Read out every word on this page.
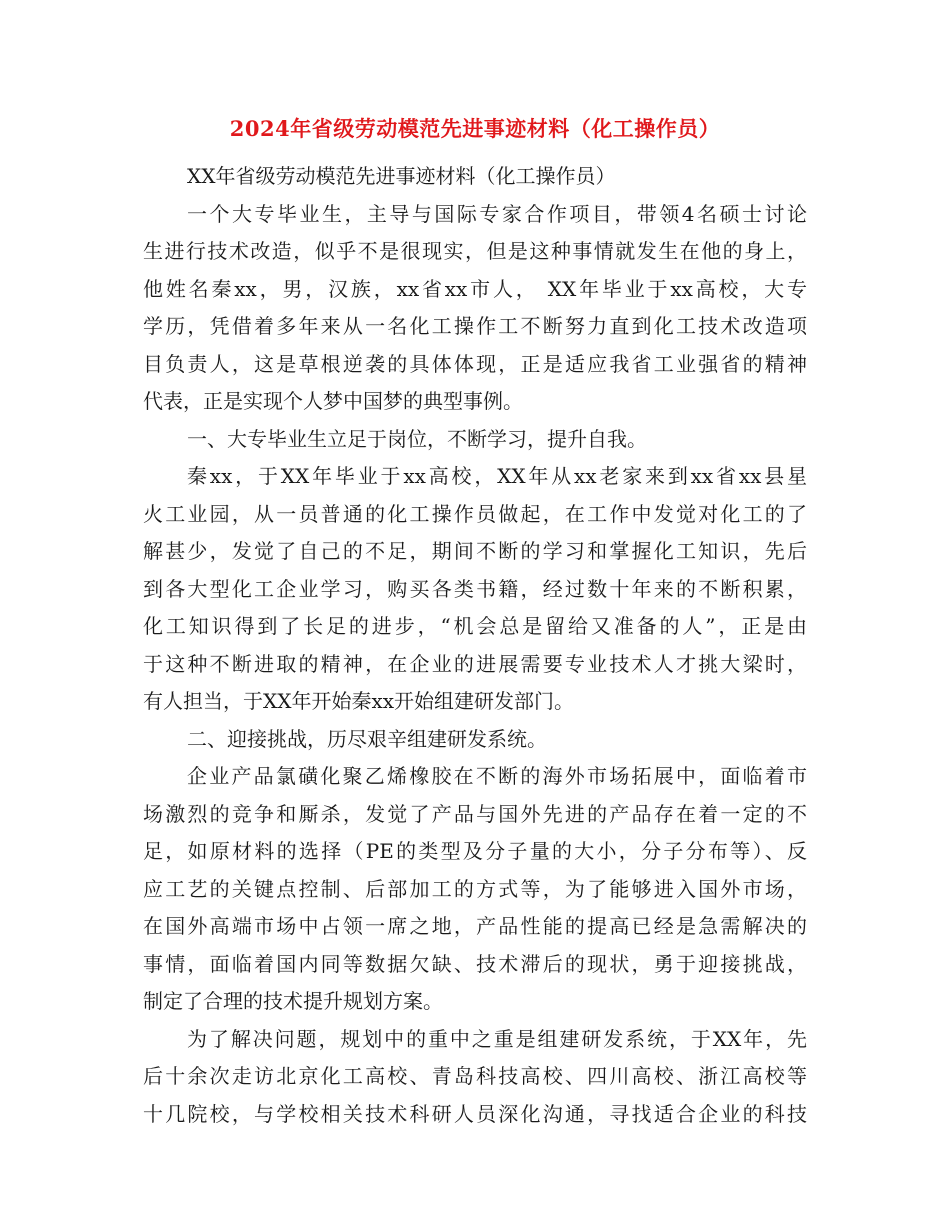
2024年省级劳动模范先进事迹材料（化工操作员）
XX年省级劳动模范先进事迹材料（化工操作员）
一个大专毕业生，主导与国际专家合作项目，带领4名硕士讨论
生进行技术改造，似乎不是很现实，但是这种事情就发生在他的身上，
他姓名秦xx，男，汉族，xx省xx市人， XX年毕业于xx高校，大专
学历，凭借着多年来从一名化工操作工不断努力直到化工技术改造项
目负责人，这是草根逆袭的具体体现，正是适应我省工业强省的精神
代表，正是实现个人梦中国梦的典型事例。
一、大专毕业生立足于岗位，不断学习，提升自我。
秦xx，于XX年毕业于xx高校，XX年从xx老家来到xx省xx县星
火工业园，从一员普通的化工操作员做起，在工作中发觉对化工的了
解甚少，发觉了自己的不足，期间不断的学习和掌握化工知识，先后
到各大型化工企业学习，购买各类书籍，经过数十年来的不断积累，
化工知识得到了长足的进步，“机会总是留给又准备的人”，正是由
于这种不断进取的精神，在企业的进展需要专业技术人才挑大梁时，
有人担当，于XX年开始秦xx开始组建研发部门。
二、迎接挑战，历尽艰辛组建研发系统。
企业产品氯磺化聚乙烯橡胶在不断的海外市场拓展中，面临着市
场激烈的竞争和厮杀，发觉了产品与国外先进的产品存在着一定的不
足，如原材料的选择（PE的类型及分子量的大小，分子分布等）、反
应工艺的关键点控制、后部加工的方式等，为了能够进入国外市场，
在国外高端市场中占领一席之地，产品性能的提高已经是急需解决的
事情，面临着国内同等数据欠缺、技术滞后的现状，勇于迎接挑战，
制定了合理的技术提升规划方案。
为了解决问题，规划中的重中之重是组建研发系统，于XX年，先
后十余次走访北京化工高校、青岛科技高校、四川高校、浙江高校等
十几院校，与学校相关技术科研人员深化沟通，寻找适合企业的科技
